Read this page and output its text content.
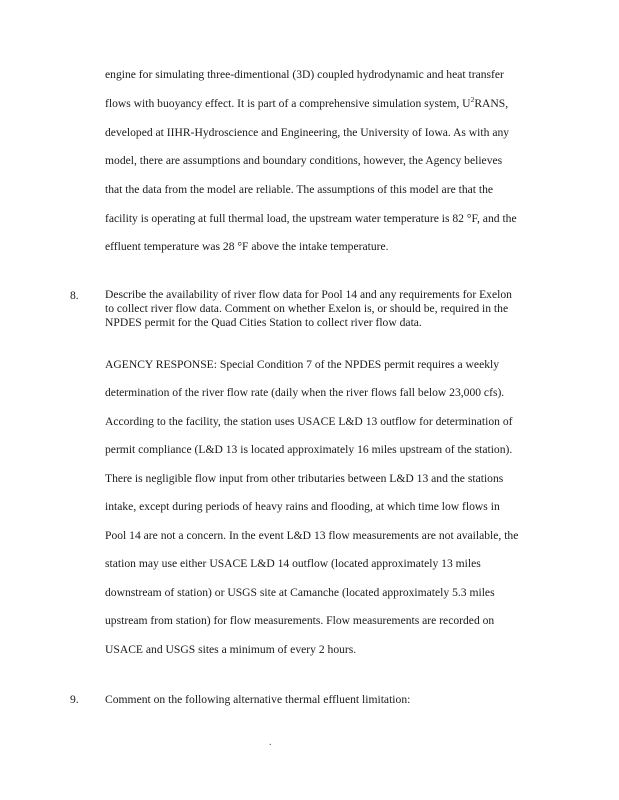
engine for simulating three-dimentional (3D) coupled hydrodynamic and heat transfer
flows with buoyancy effect. It is part of a comprehensive simulation system, $U^2RANS$,
developed at IIHR-Hydroscience and Engineering, the University of Iowa. As with any
model, there are assumptions and boundary conditions, however, the Agency believes
that the data from the model are reliable. The assumptions of this model are that the
facility is operating at full thermal load, the upstream water temperature is 82 °F, and the
effluent temperature was 28 °F above the intake temperature.
8. Describe the availability of river flow data for Pool 14 and any requirements for Exelon
to collect river flow data. Comment on whether Exelon is, or should be, required in the
NPDES permit for the Quad Cities Station to collect river flow data.
AGENCY RESPONSE: Special Condition 7 of the NPDES permit requires a weekly
determination of the river flow rate (daily when the river flows fall below 23,000 cfs).
According to the facility, the station uses USACE L&D 13 outflow for determination of
permit compliance (L&D 13 is located approximately 16 miles upstream of the station).
There is negligible flow input from other tributaries between L&D 13 and the stations
intake, except during periods of heavy rains and flooding, at which time low flows in
Pool 14 are not a concern. In the event L&D 13 flow measurements are not available, the
station may use either USACE L&D 14 outflow (located approximately 13 miles
downstream of station) or USGS site at Camanche (located approximately 5.3 miles
upstream from station) for flow measurements. Flow measurements are recorded on
USACE and USGS sites a minimum of every 2 hours.
9. Comment on the following alternative thermal effluent limitation:
.
